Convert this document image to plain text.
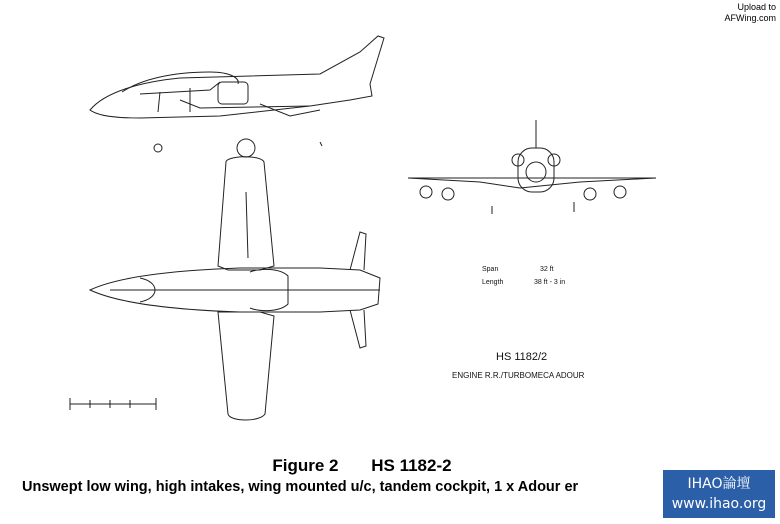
Upload to
AFWing.com
Span	32 ft
Length	38 ft - 3 in
HS 1182/2
ENGINE R.R./TURBOMECA ADOUR
Figure 2 HS 1182-2
Unswept low wing, high intakes, wing mounted u/c, tandem cockpit, 1 x Adour er	IHAO論壇
www.ihao.org
